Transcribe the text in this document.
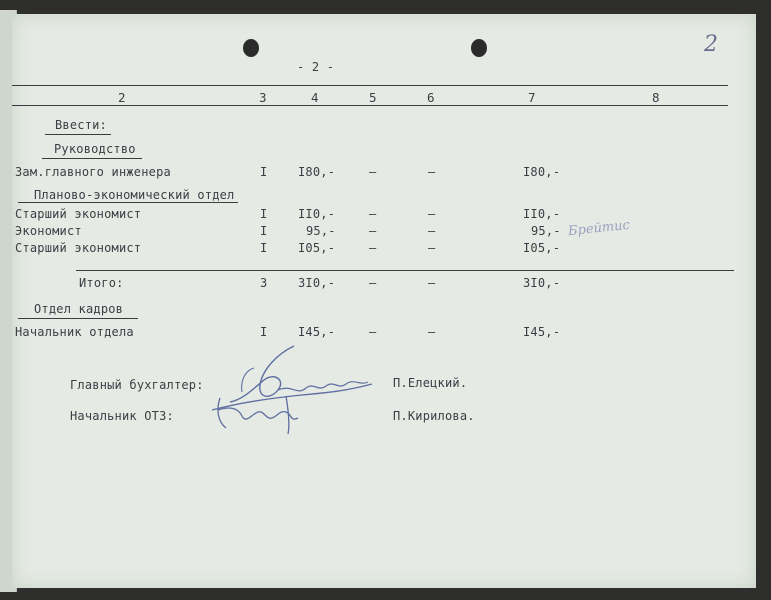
- 2 -
2
2	3	4	5	6	7	8
Ввести:
Руководство
Зам.главного инженера	I	I80,-	–	–	I80,-
Планово-экономический отдел
Старший экономист	I	II0,-	–	–	II0,-
Экономист	I	95,-	–	–	95,- Брейтис
Старший экономист	I	I05,-	–	–	I05,-
Итого:	3	3I0,-	–	–	3I0,-
Отдел кадров
Начальник отдела	I	I45,-	–	–	I45,-
Главный бухгалтер:	П.Елецкий.
Начальник ОТЗ:	П.Кирилова.
